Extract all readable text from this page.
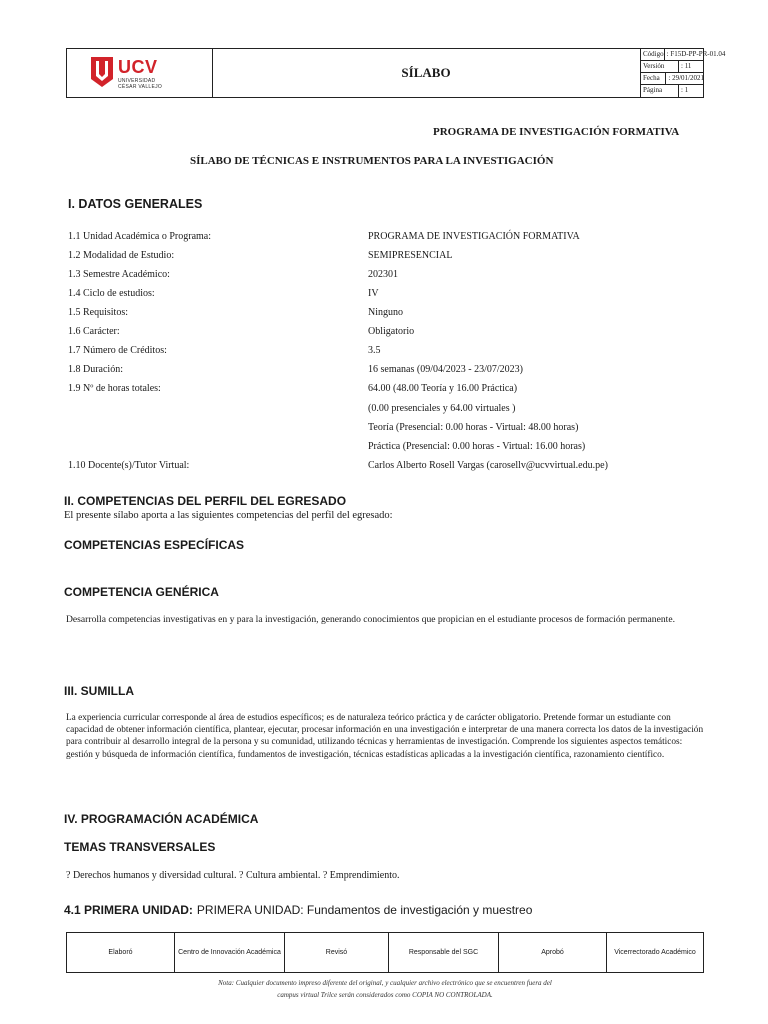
UCV
UNIVERSIDAD
CÉSAR VALLEJO
SÍLABO
Código : F15D-PP-PR-01.04
Versión	: 11
Fecha	: 29/01/2021
Página	: 1
PROGRAMA DE INVESTIGACIÓN FORMATIVA
SÍLABO DE TÉCNICAS E INSTRUMENTOS PARA LA INVESTIGACIÓN
I. DATOS GENERALES
1.1 Unidad Académica o Programa:	PROGRAMA DE INVESTIGACIÓN FORMATIVA
1.2 Modalidad de Estudio:	SEMIPRESENCIAL
1.3 Semestre Académico:	202301
1.4 Ciclo de estudios:	IV
1.5 Requisitos:	Ninguno
1.6 Carácter:	Obligatorio
1.7 Número de Créditos:	3.5
1.8 Duración:	16 semanas (09/04/2023 - 23/07/2023)
1.9 Nº de horas totales:	64.00 (48.00 Teoría y 16.00 Práctica)
(0.00 presenciales y 64.00 virtuales )
Teoría (Presencial: 0.00 horas - Virtual: 48.00 horas)
Práctica (Presencial: 0.00 horas - Virtual: 16.00 horas)
1.10 Docente(s)/Tutor Virtual:	Carlos Alberto Rosell Vargas (carosellv@ucvvirtual.edu.pe)
II. COMPETENCIAS DEL PERFIL DEL EGRESADO
El presente sílabo aporta a las siguientes competencias del perfil del egresado:
COMPETENCIAS ESPECÍFICAS
COMPETENCIA GENÉRICA
Desarrolla competencias investigativas en y para la investigación, generando conocimientos que propician en el estudiante procesos de formación permanente.
III. SUMILLA
La experiencia curricular corresponde al área de estudios específicos; es de naturaleza teórico práctica y de carácter obligatorio. Pretende formar un estudiante con capacidad de obtener información científica, plantear, ejecutar, procesar información en una investigación e interpretar de una manera correcta los datos de la investigación para contribuir al desarrollo integral de la persona y su comunidad, utilizando técnicas y herramientas de investigación. Comprende los siguientes aspectos temáticos: gestión y búsqueda de información científica, fundamentos de investigación, técnicas estadísticas aplicadas a la investigación científica, razonamiento científico.
IV. PROGRAMACIÓN ACADÉMICA
TEMAS TRANSVERSALES
? Derechos humanos y diversidad cultural. ? Cultura ambiental. ? Emprendimiento.
4.1 PRIMERA UNIDAD: PRIMERA UNIDAD: Fundamentos de investigación y muestreo
Elaboró	Centro de Innovación Académica	Revisó	Responsable del SGC	Aprobó	Vicerrectorado Académico
Nota: Cualquier documento impreso diferente del original, y cualquier archivo electrónico que se encuentren fuera del
campus virtual Trilce serán considerados como COPIA NO CONTROLADA.
